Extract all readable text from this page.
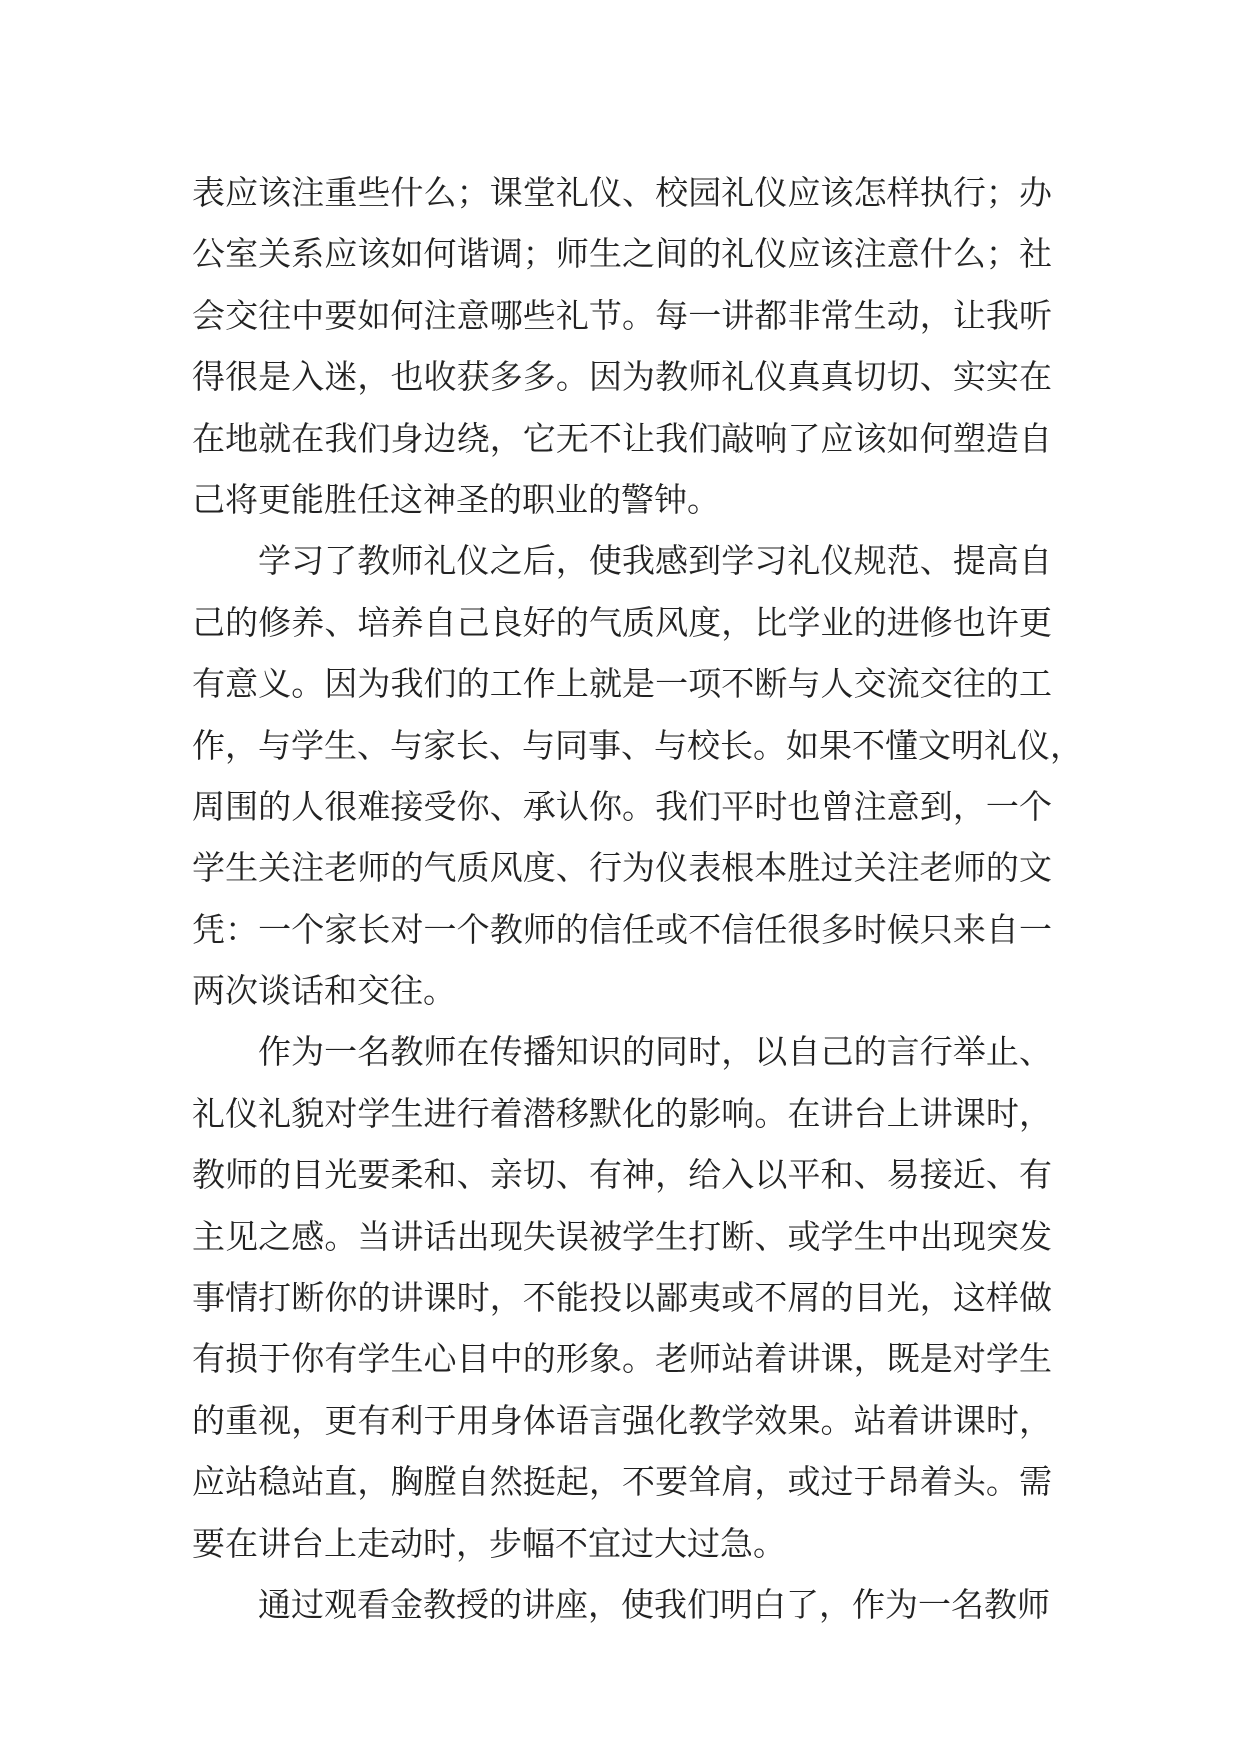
表应该注重些什么；课堂礼仪、校园礼仪应该怎样执行；办
公室关系应该如何谐调；师生之间的礼仪应该注意什么；社
会交往中要如何注意哪些礼节。每一讲都非常生动，让我听
得很是入迷，也收获多多。因为教师礼仪真真切切、实实在
在地就在我们身边绕，它无不让我们敲响了应该如何塑造自
己将更能胜任这神圣的职业的警钟。
学习了教师礼仪之后，使我感到学习礼仪规范、提高自
己的修养、培养自己良好的气质风度，比学业的进修也许更
有意义。因为我们的工作上就是一项不断与人交流交往的工
作，与学生、与家长、与同事、与校长。如果不懂文明礼仪，
周围的人很难接受你、承认你。我们平时也曾注意到，一个
学生关注老师的气质风度、行为仪表根本胜过关注老师的文
凭：一个家长对一个教师的信任或不信任很多时候只来自一
两次谈话和交往。
作为一名教师在传播知识的同时，以自己的言行举止、
礼仪礼貌对学生进行着潜移默化的影响。在讲台上讲课时，
教师的目光要柔和、亲切、有神，给入以平和、易接近、有
主见之感。当讲话出现失误被学生打断、或学生中出现突发
事情打断你的讲课时，不能投以鄙夷或不屑的目光，这样做
有损于你有学生心目中的形象。老师站着讲课，既是对学生
的重视，更有利于用身体语言强化教学效果。站着讲课时，
应站稳站直，胸膛自然挺起，不要耸肩，或过于昂着头。需
要在讲台上走动时，步幅不宜过大过急。
通过观看金教授的讲座，使我们明白了，作为一名教师
